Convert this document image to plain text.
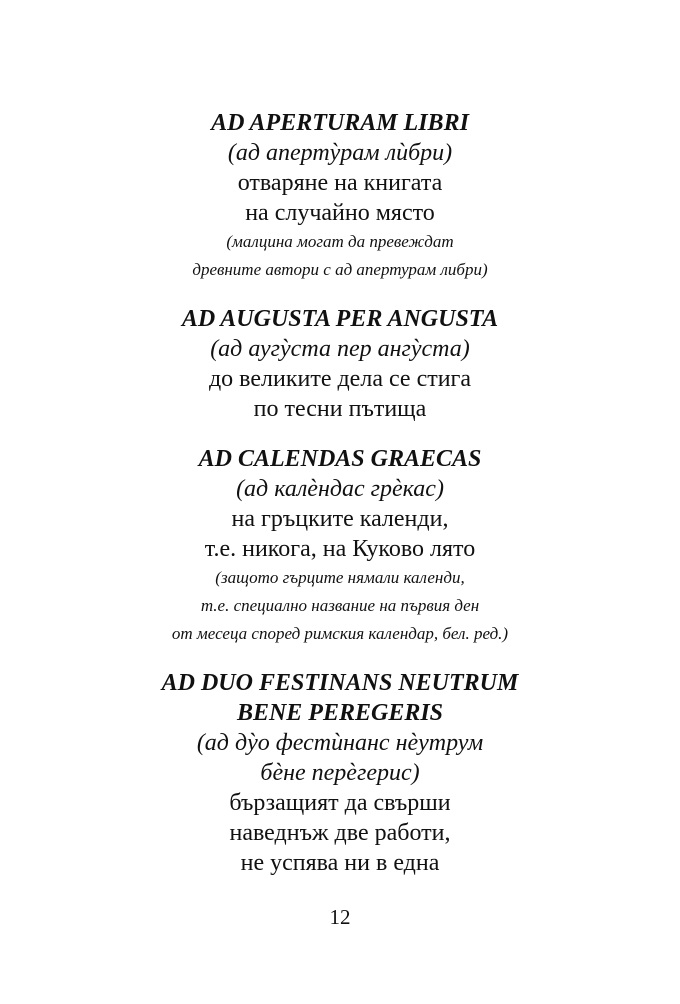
AD APERTURAM LIBRI
(ад апертỳрам лѝбри)
отваряне на книгата
на случайно място
(малцина могат да превеждат
древните автори с ад апертурам либри)
AD AUGUSTA PER ANGUSTA
(ад аугỳста пер ангỳста)
до великите дела се стига
по тесни пътища
AD CALENDAS GRAECAS
(ад калѐндас грѐкас)
на гръцките календи,
т.е. никога, на Куково лято
(защото гърците нямали календи,
т.е. специално название на първия ден
от месеца според римския календар, бел. ред.)
AD DUO FESTINANS NEUTRUM
BENE PEREGERIS
(ад дỳо фестѝнанс нѐутрум
бѐне перѐгерис)
бързащият да свърши
наведнъж две работи,
не успява ни в една
12
